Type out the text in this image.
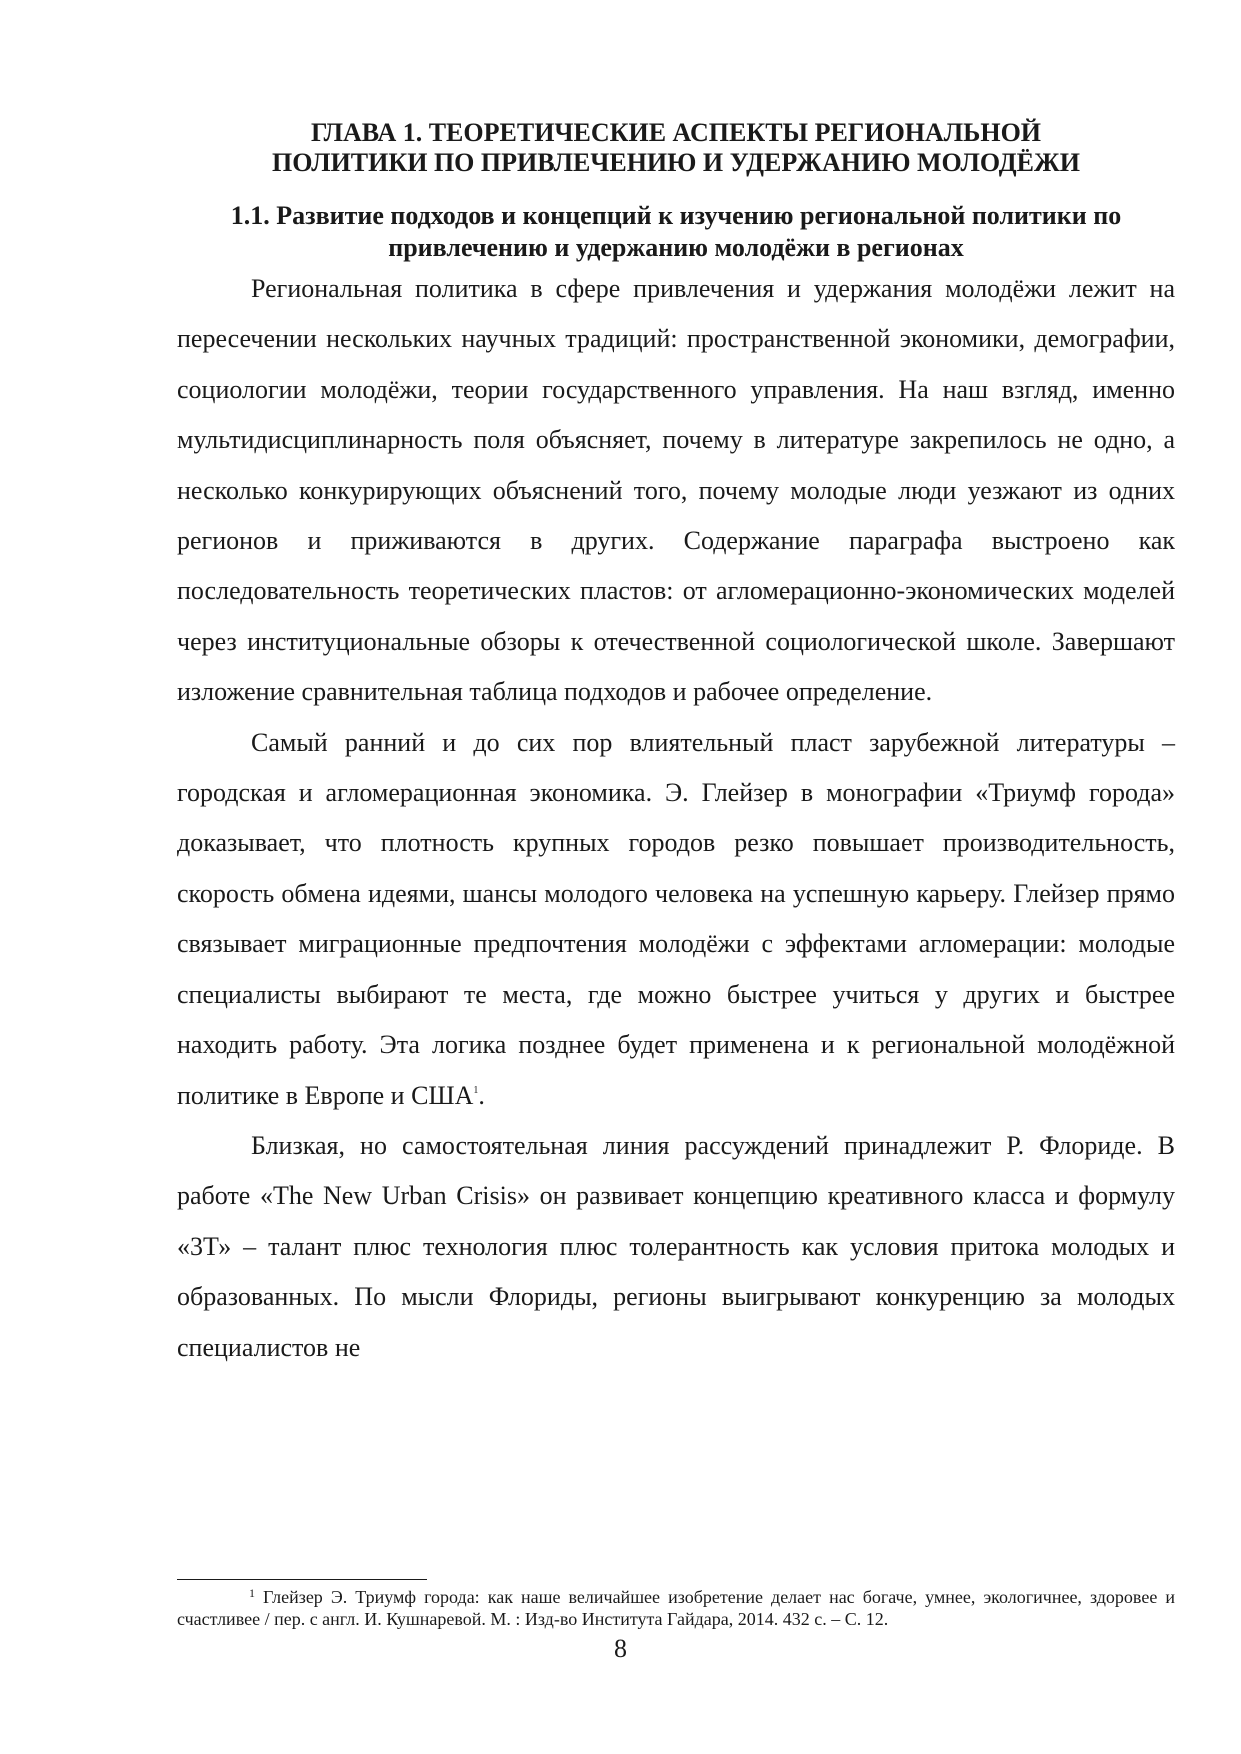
ГЛАВА 1. ТЕОРЕТИЧЕСКИЕ АСПЕКТЫ РЕГИОНАЛЬНОЙ
ПОЛИТИКИ ПО ПРИВЛЕЧЕНИЮ И УДЕРЖАНИЮ МОЛОДЁЖИ
1.1. Развитие подходов и концепций к изучению региональной политики по
привлечению и удержанию молодёжи в регионах

Региональная политика в сфере привлечения и удержания молодёжи лежит на пересечении нескольких научных традиций: пространственной экономики, демографии, социологии молодёжи, теории государственного управления. На наш взгляд, именно мультидисциплинарность поля объясняет, почему в литературе закрепилось не одно, а несколько конкурирующих объяснений того, почему молодые люди уезжают из одних регионов и приживаются в других. Содержание параграфа выстроено как последовательность теоретических пластов: от агломерационно-экономических моделей через институциональные обзоры к отечественной социологической школе. Завершают изложение сравнительная таблица подходов и рабочее определение.

Самый ранний и до сих пор влиятельный пласт зарубежной литературы – городская и агломерационная экономика. Э. Глейзер в монографии «Триумф города» доказывает, что плотность крупных городов резко повышает производительность, скорость обмена идеями, шансы молодого человека на успешную карьеру. Глейзер прямо связывает миграционные предпочтения молодёжи с эффектами агломерации: молодые специалисты выбирают те места, где можно быстрее учиться у других и быстрее находить работу. Эта логика позднее будет применена и к региональной молодёжной политике в Европе и США$^1$.

Близкая, но самостоятельная линия рассуждений принадлежит Р. Флориде. В работе «The New Urban Crisis» он развивает концепцию креативного класса и формулу «3Т» – талант плюс технология плюс толерантность как условия притока молодых и образованных. По мысли Флориды, регионы выигрывают конкуренцию за молодых специалистов не

$^1$ Глейзер Э. Триумф города: как наше величайшее изобретение делает нас богаче, умнее, экологичнее, здоровее и счастливее / пер. с англ. И. Кушнаревой. М. : Изд-во Института Гайдара, 2014. 432 с. – С. 12.

8
